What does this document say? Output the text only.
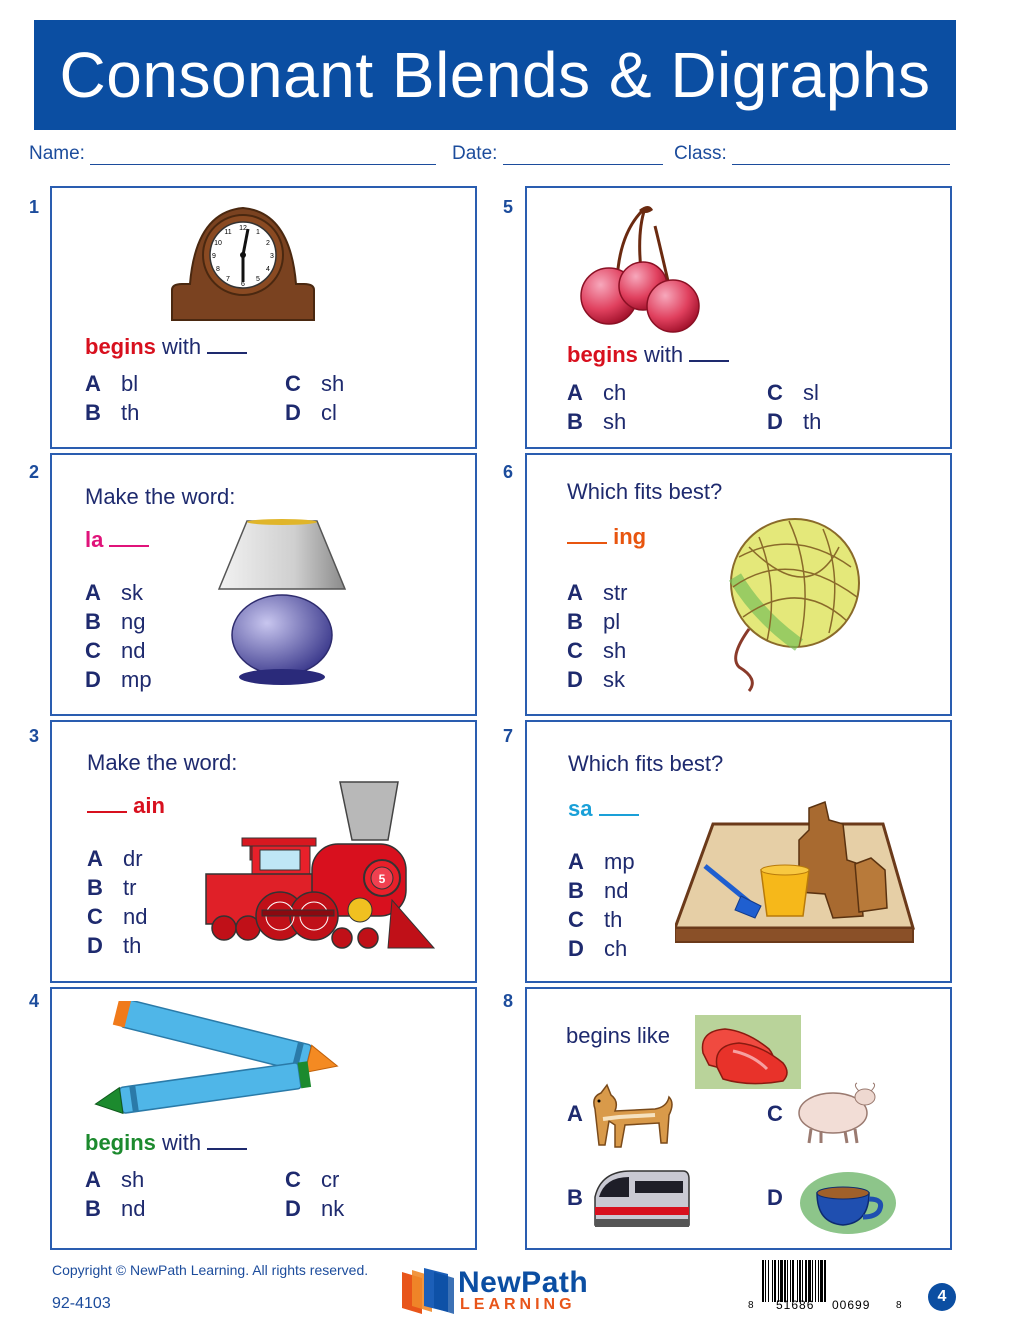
Consonant Blends & Digraphs
Name:	Date:	Class:
1
12
1
2
3
4
5
6
7
8
9
10
11
begins with
A bl
B th
C sh
D cl
2
Make the word:
la
A sk
B ng
C nd
D mp
3
Make the word:
ain
5
A dr
B tr
C nd
D th
4
begins with
A sh
B nd
C cr
D nk
5
begins with
A ch
B sh
C sl
D th
6
Which fits best?
ing
A str
B pl
C sh
D sk
7
Which fits best?
sa
A mp
B nd
C th
D ch
8
begins like
A	C
B	D
Copyright © NewPath Learning. All rights reserved.
92-4103
NewPath
LEARNING	8 51686 00699	8
4
